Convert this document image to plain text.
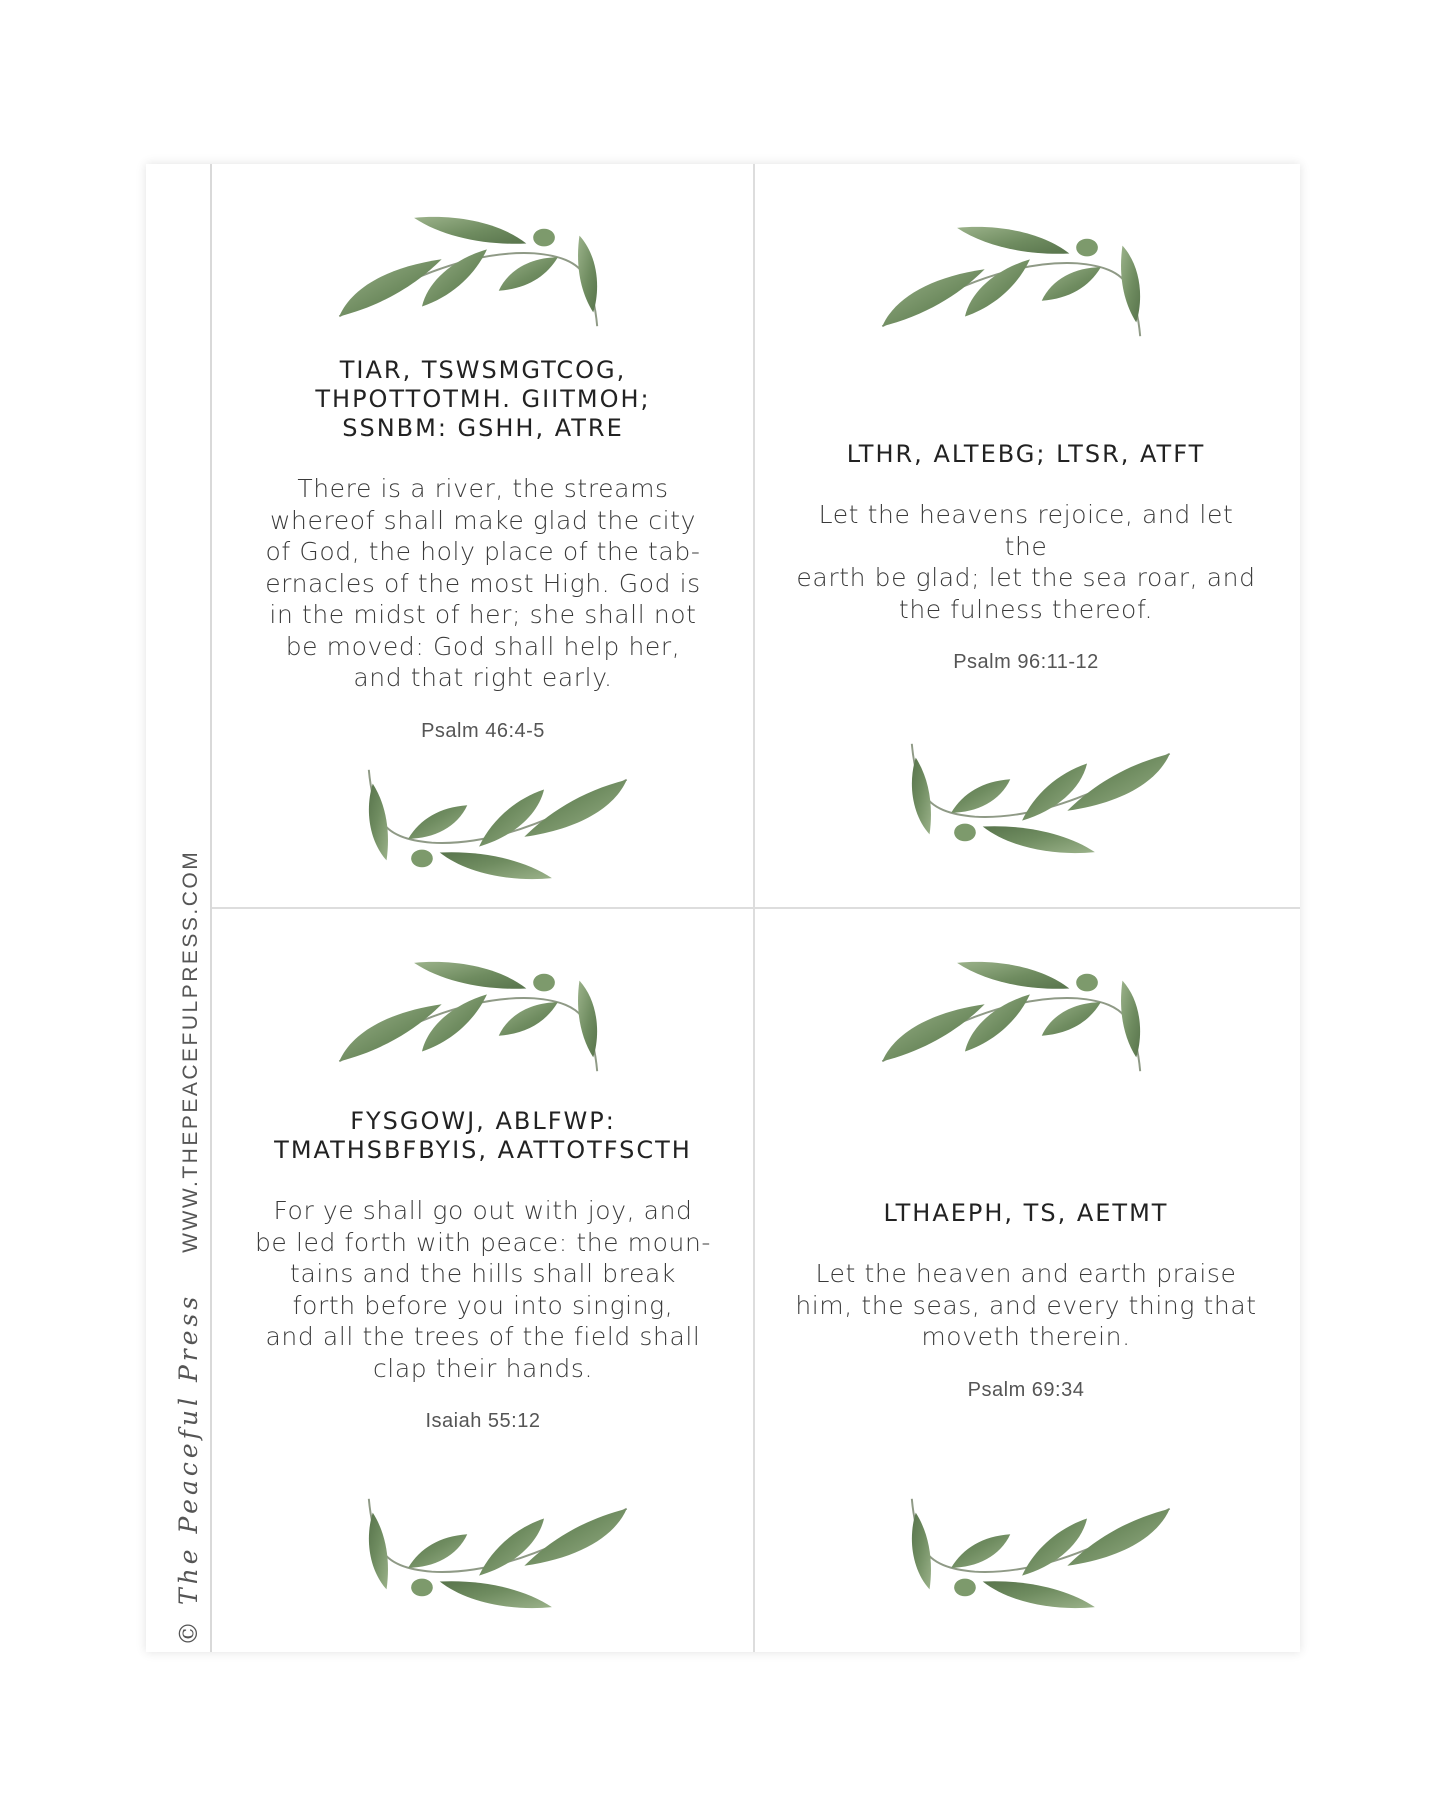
© The Peaceful Press
WWW.THEPEACEFULPRESS.COM
TIAR, TSWSMGTCOG,
THPOTTOTMH. GIITMOH;
SSNBM: GSHH, ATRE
There is a river, the streams
whereof shall make glad the city
of God, the holy place of the tab-
ernacles of the most High. God is
in the midst of her; she shall not
be moved: God shall help her,
and that right early.
Psalm 46:4-5
LTHR, ALTEBG; LTSR, ATFT
Let the heavens rejoice, and let the
earth be glad; let the sea roar, and
the fulness thereof.
Psalm 96:11-12
FYSGOWJ, ABLFWP:
TMATHSBFBYIS, AATTOTFSCTH
For ye shall go out with joy, and
be led forth with peace: the moun-
tains and the hills shall break
forth before you into singing,
and all the trees of the field shall
clap their hands.
Isaiah 55:12
LTHAEPH, TS, AETMT
Let the heaven and earth praise
him, the seas, and every thing that
moveth therein.
Psalm 69:34
